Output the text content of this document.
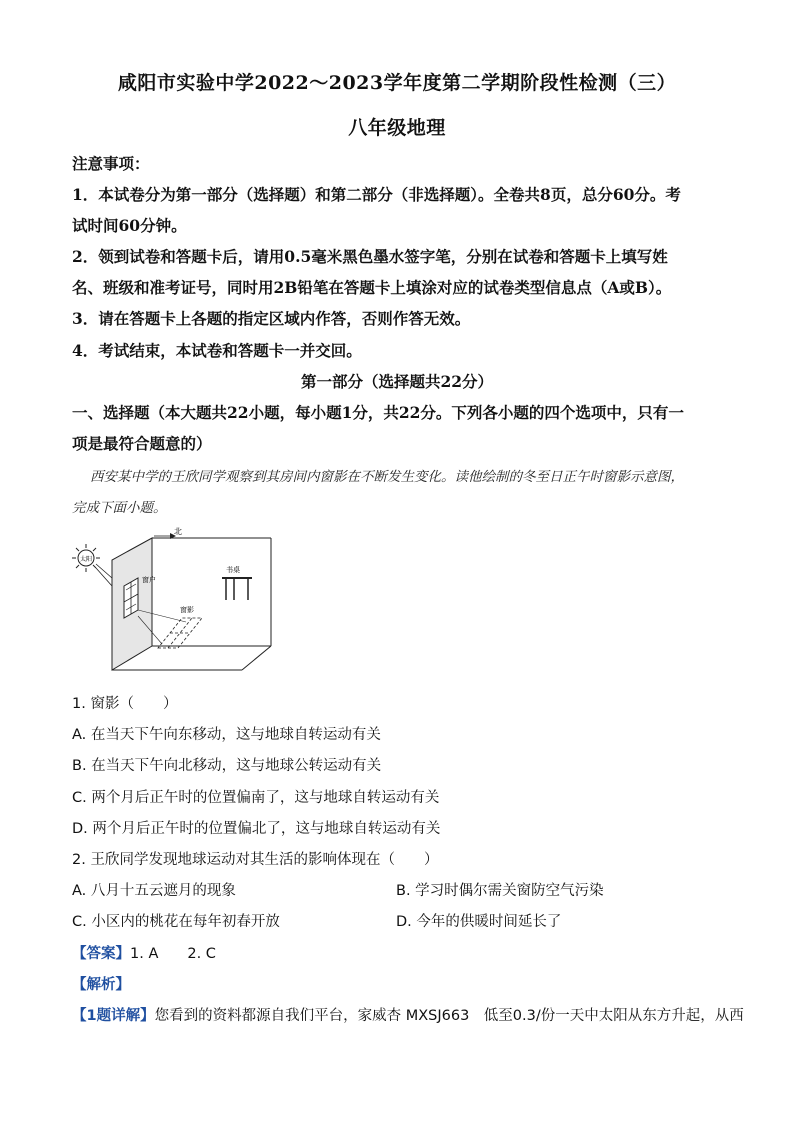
咸阳市实验中学2022～2023学年度第二学期阶段性检测（三）
八年级地理
注意事项：
1．本试卷分为第一部分（选择题）和第二部分（非选择题）。全卷共8页，总分60分。考
试时间60分钟。
2．领到试卷和答题卡后，请用0.5毫米黑色墨水签字笔，分别在试卷和答题卡上填写姓
名、班级和准考证号，同时用2B铅笔在答题卡上填涂对应的试卷类型信息点（A或B）。
3．请在答题卡上各题的指定区域内作答，否则作答无效。
4．考试结束，本试卷和答题卡一并交回。
第一部分（选择题共22分）
一、选择题（本大题共22小题，每小题1分，共22分。下列各小题的四个选项中，只有一
项是最符合题意的）
西安某中学的王欣同学观察到其房间内窗影在不断发生变化。读他绘制的冬至日正午时窗影示意图，
完成下面小题。
太阳
北
窗户
书桌
窗影
1. 窗影（　　）
A. 在当天下午向东移动，这与地球自转运动有关
B. 在当天下午向北移动，这与地球公转运动有关
C. 两个月后正午时的位置偏南了，这与地球自转运动有关
D. 两个月后正午时的位置偏北了，这与地球自转运动有关
2. 王欣同学发现地球运动对其生活的影响体现在（　　）
A. 八月十五云遮月的现象	B. 学习时偶尔需关窗防空气污染
C. 小区内的桃花在每年初春开放	D. 今年的供暖时间延长了
【答案】1. A　　2. C
【解析】
【1题详解】您看到的资料都源自我们平台，家威杏 MXSJ663　低至0.3/份一天中太阳从东方升起，从西
